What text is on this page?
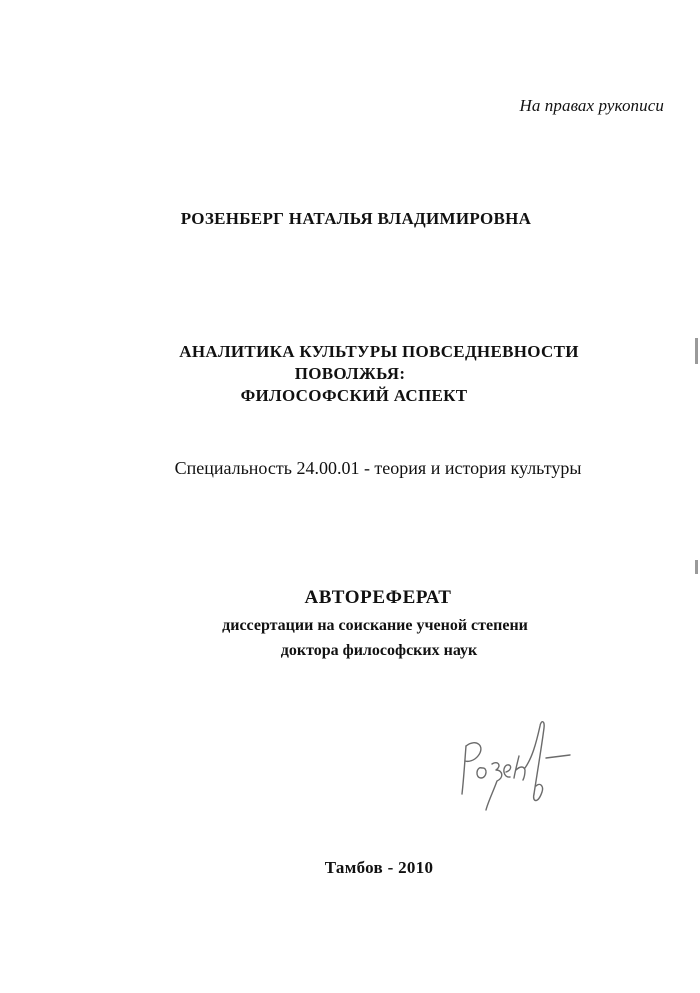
На правах рукописи
РОЗЕНБЕРГ НАТАЛЬЯ ВЛАДИМИРОВНА
АНАЛИТИКА КУЛЬТУРЫ ПОВСЕДНЕВНОСТИ
ПОВОЛЖЬЯ:
ФИЛОСОФСКИЙ АСПЕКТ
Специальность 24.00.01 - теория и история культуры
АВТОРЕФЕРАТ
диссертации на соискание ученой степени
доктора философских наук
Тамбов - 2010
